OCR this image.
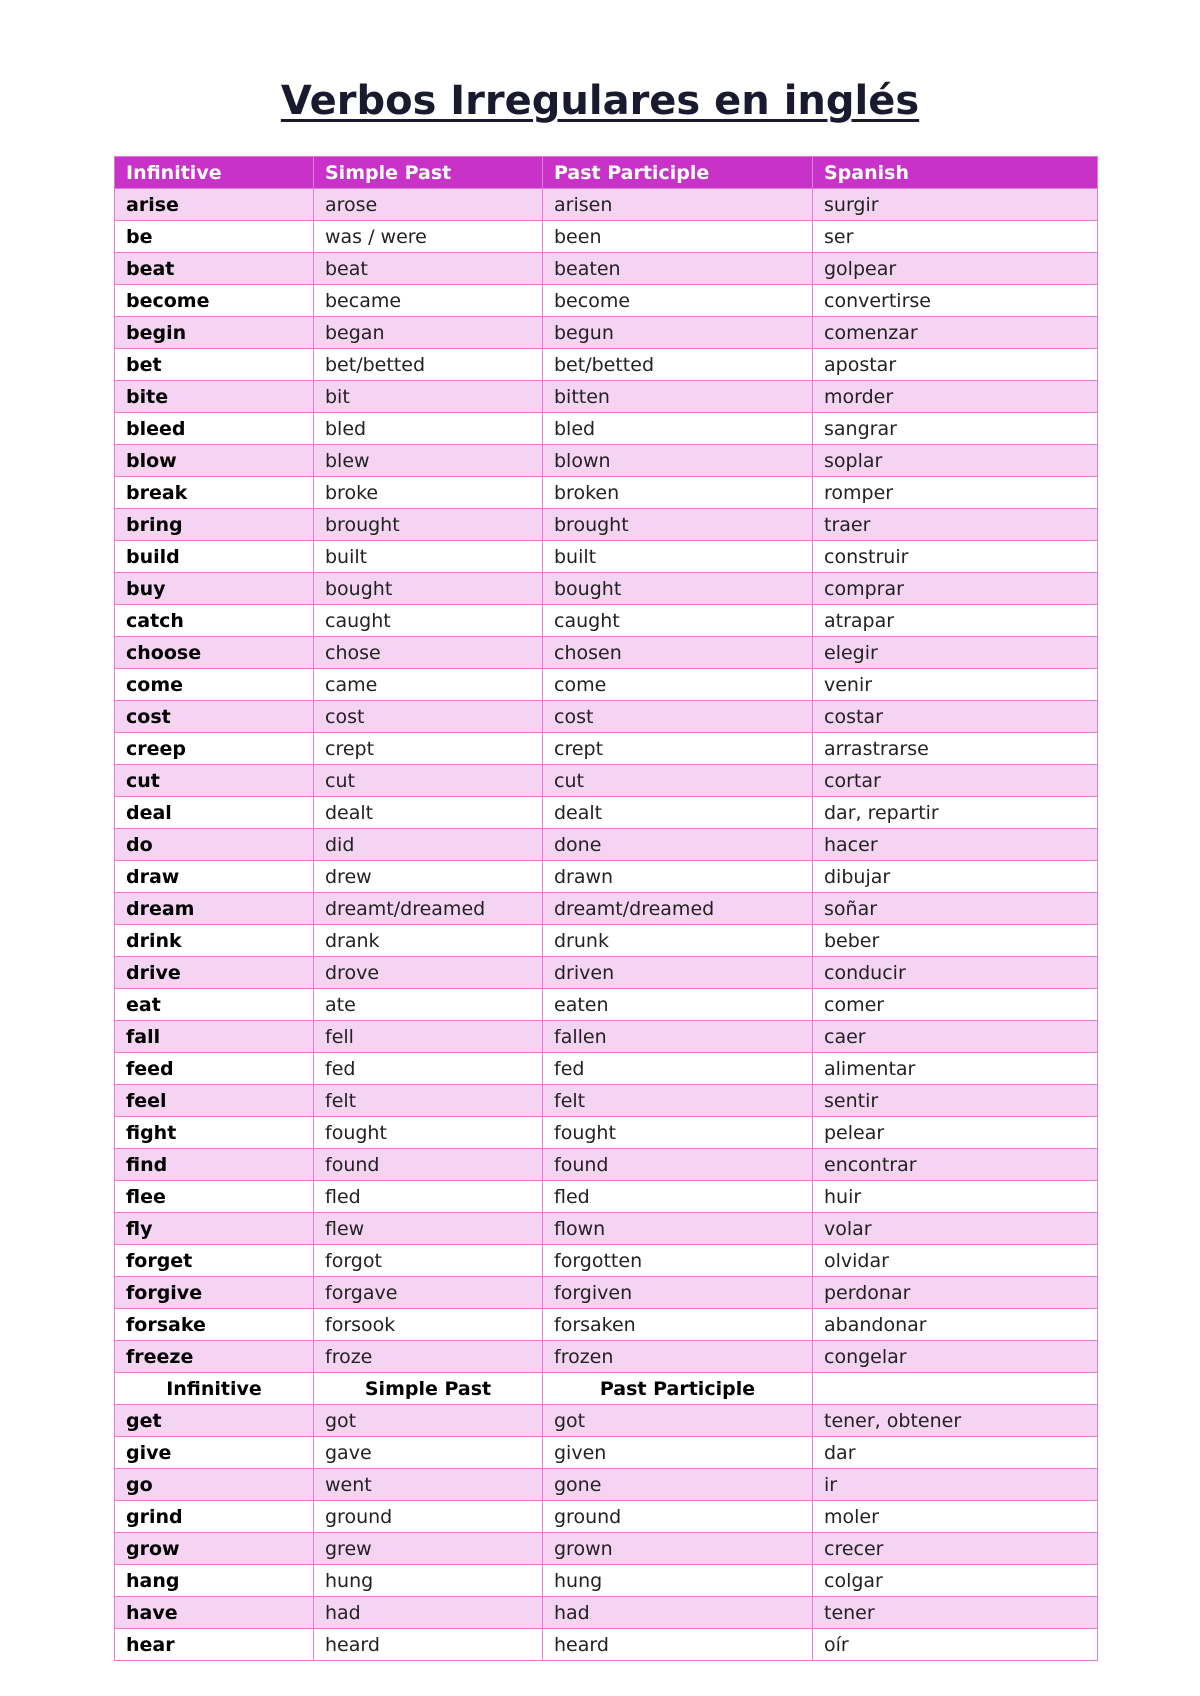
Verbos Irregulares en inglés
Infinitive	Simple Past	Past Participle	Spanish
arise	arose	arisen	surgir
be	was / were	been	ser
beat	beat	beaten	golpear
become	became	become	convertirse
begin	began	begun	comenzar
bet	bet/betted	bet/betted	apostar
bite	bit	bitten	morder
bleed	bled	bled	sangrar
blow	blew	blown	soplar
break	broke	broken	romper
bring	brought	brought	traer
build	built	built	construir
buy	bought	bought	comprar
catch	caught	caught	atrapar
choose	chose	chosen	elegir
come	came	come	venir
cost	cost	cost	costar
creep	crept	crept	arrastrarse
cut	cut	cut	cortar
deal	dealt	dealt	dar, repartir
do	did	done	hacer
draw	drew	drawn	dibujar
dream	dreamt/dreamed	dreamt/dreamed	soñar
drink	drank	drunk	beber
drive	drove	driven	conducir
eat	ate	eaten	comer
fall	fell	fallen	caer
feed	fed	fed	alimentar
feel	felt	felt	sentir
fight	fought	fought	pelear
find	found	found	encontrar
flee	fled	fled	huir
fly	flew	flown	volar
forget	forgot	forgotten	olvidar
forgive	forgave	forgiven	perdonar
forsake	forsook	forsaken	abandonar
freeze	froze	frozen	congelar
Infinitive	Simple Past	Past Participle	
get	got	got	tener, obtener
give	gave	given	dar
go	went	gone	ir
grind	ground	ground	moler
grow	grew	grown	crecer
hang	hung	hung	colgar
have	had	had	tener
hear	heard	heard	oír
